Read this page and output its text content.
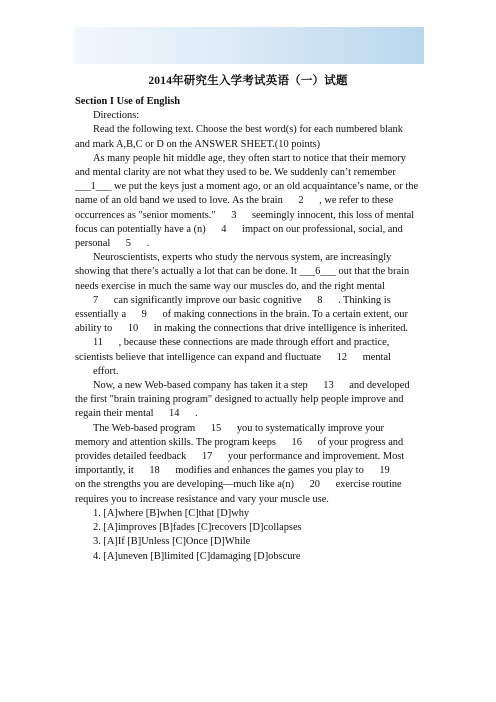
2014年研究生入学考试英语（一）试题
Section I Use of English
Directions:
Read the following text. Choose the best word(s) for each numbered blank
and mark A,B,C or D on the ANSWER SHEET.(10 points)
As many people hit middle age, they often start to notice that their memory
and mental clarity are not what they used to be. We suddenly can’t remember
___1___ we put the keys just a moment ago, or an old acquaintance’s name, or the
name of an old band we used to love. As the brain      2      , we refer to these
occurrences as "senior moments."      3      seemingly innocent, this loss of mental
focus can potentially have a (n)      4      impact on our professional, social, and
personal      5      .
Neuroscientists, experts who study the nervous system, are increasingly
showing that there’s actually a lot that can be done. It ___6___ out that the brain
needs exercise in much the same way our muscles do, and the right mental
7      can significantly improve our basic cognitive      8      . Thinking is
essentially a      9      of making connections in the brain. To a certain extent, our
ability to      10      in making the connections that drive intelligence is inherited.
11      , because these connections are made through effort and practice,
scientists believe that intelligence can expand and fluctuate      12      mental
effort.
Now, a new Web-based company has taken it a step      13      and developed
the first "brain training program" designed to actually help people improve and
regain their mental      14      .
The Web-based program      15      you to systematically improve your
memory and attention skills. The program keeps      16      of your progress and
provides detailed feedback      17      your performance and improvement. Most
importantly, it      18      modifies and enhances the games you play to      19
on the strengths you are developing—much like a(n)      20      exercise routine
requires you to increase resistance and vary your muscle use.
1. [A]where [B]when [C]that [D]why
2. [A]improves [B]fades [C]recovers [D]collapses
3. [A]If [B]Unless [C]Once [D]While
4. [A]uneven [B]limited [C]damaging [D]obscure
